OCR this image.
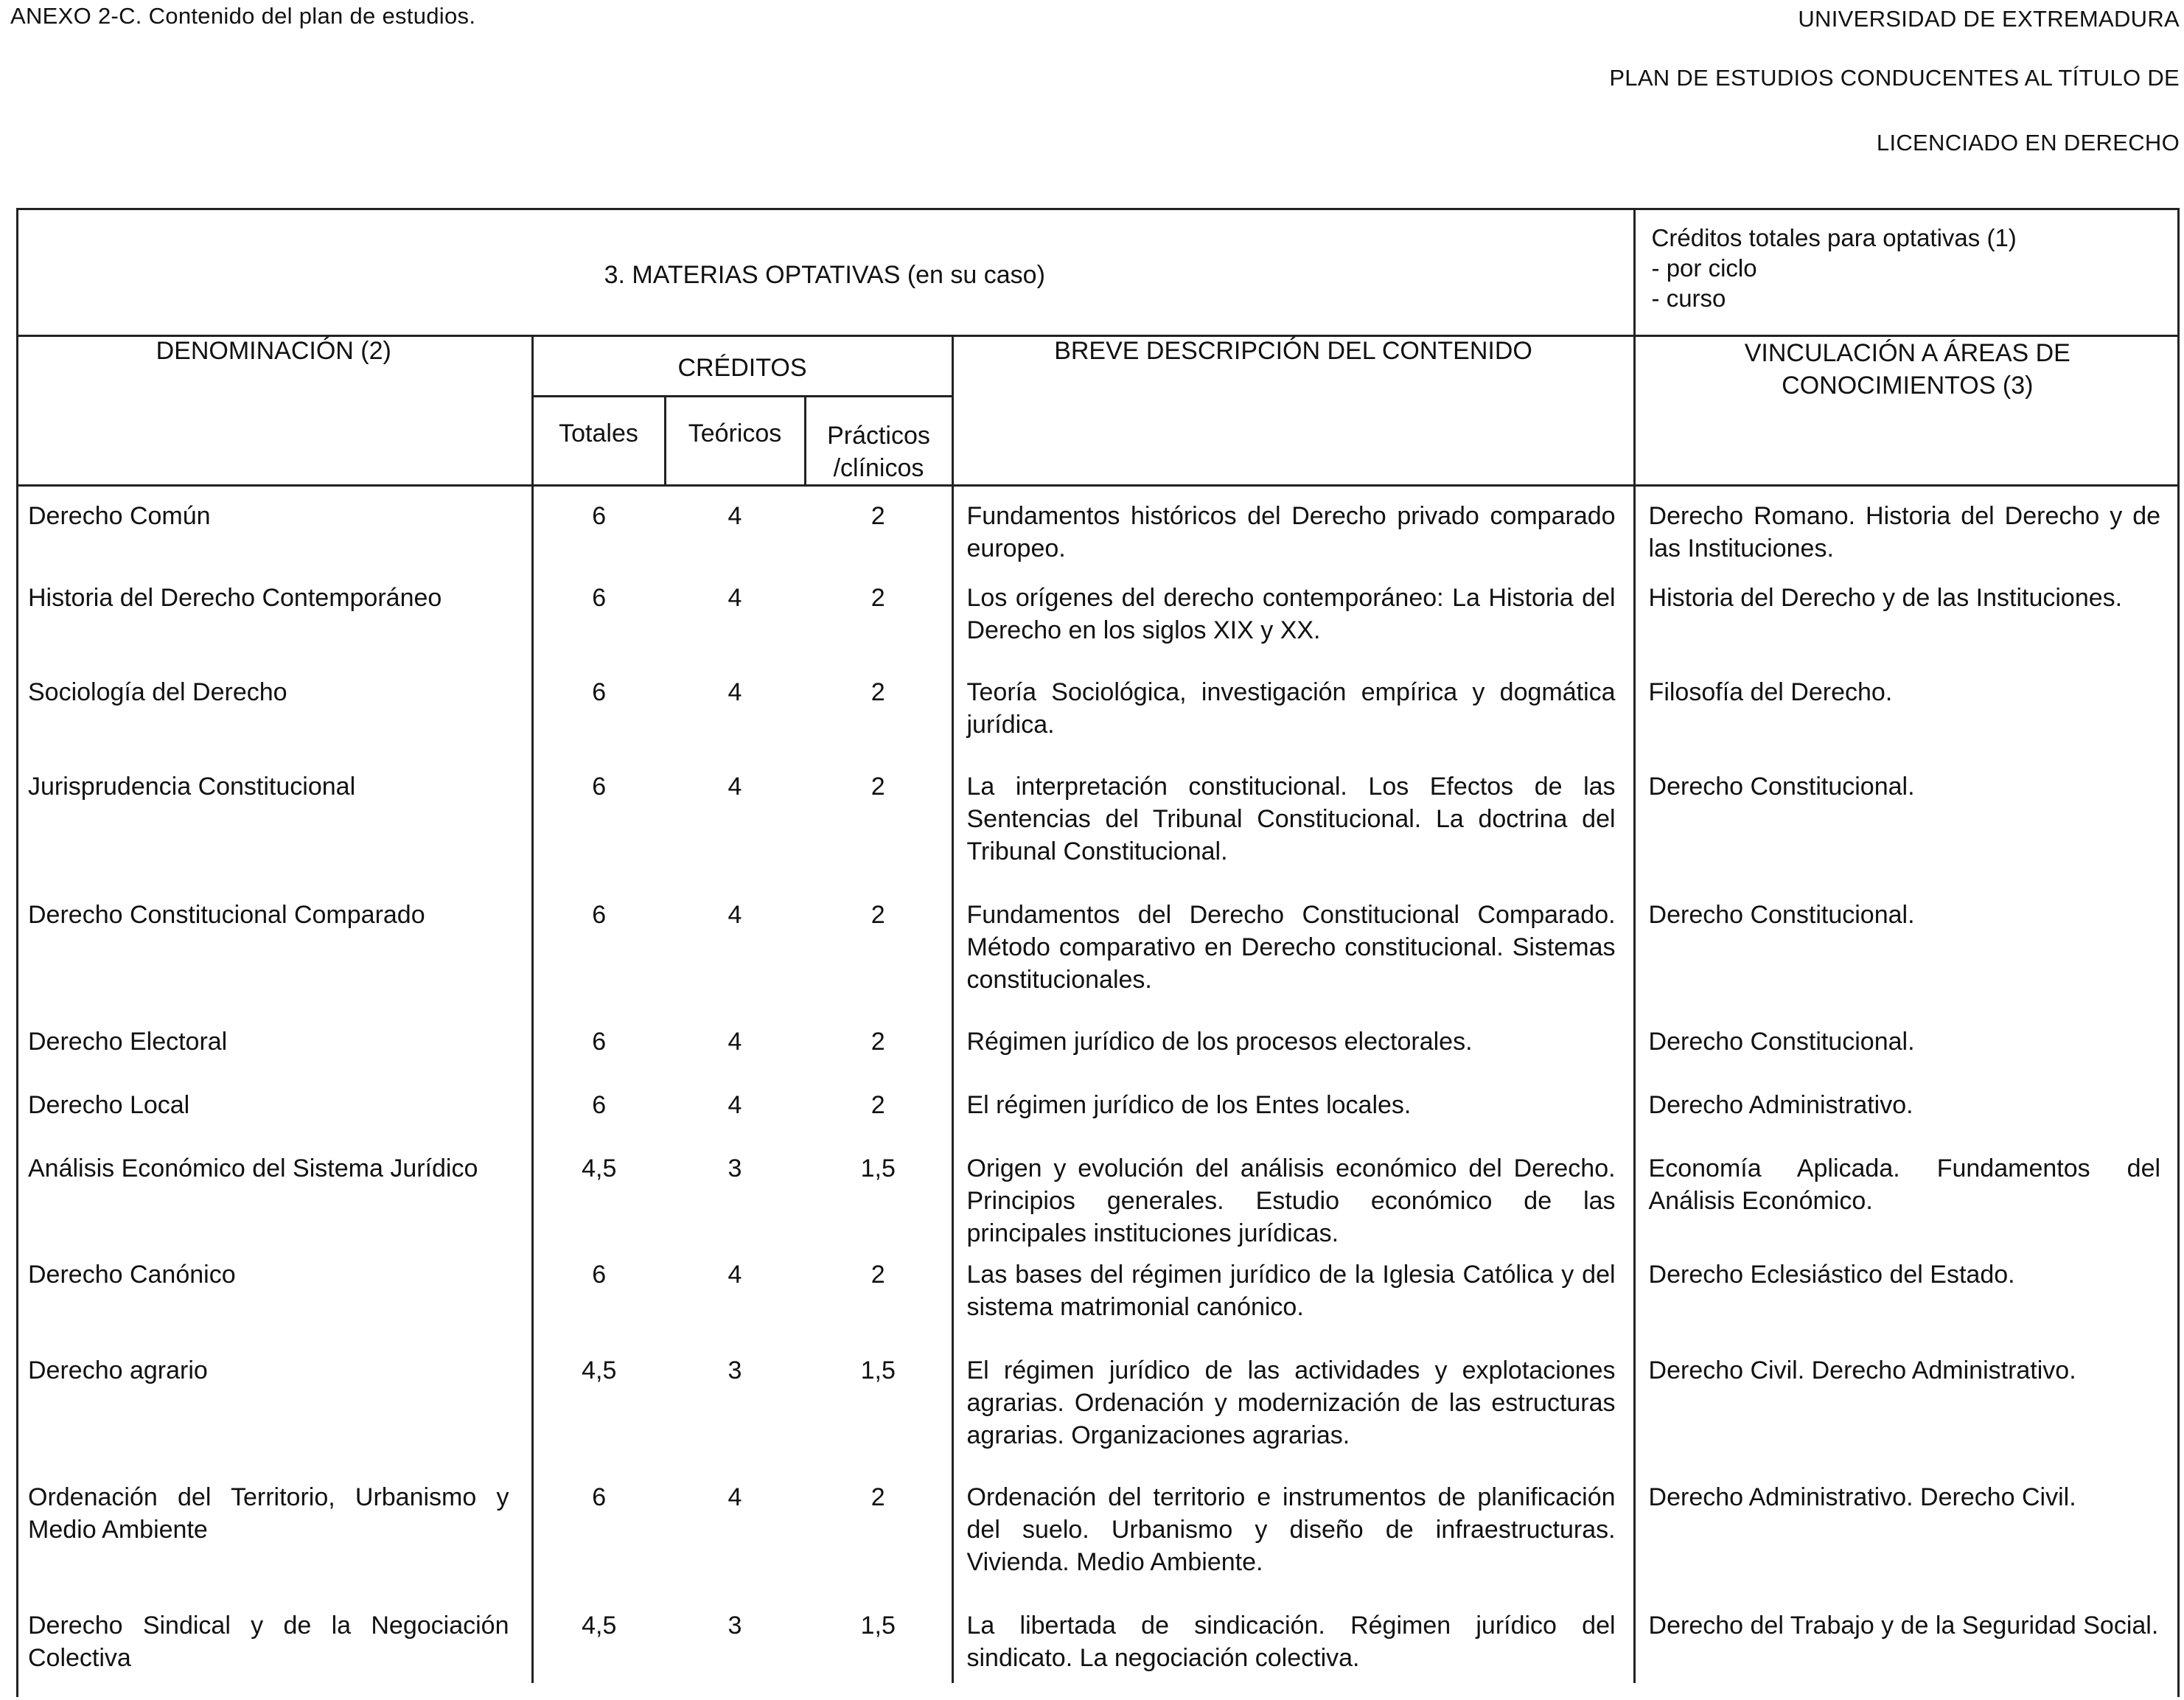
ANEXO 2-C. Contenido del plan de estudios.	UNIVERSIDAD DE EXTREMADURA
PLAN DE ESTUDIOS CONDUCENTES AL TÍTULO DE
LICENCIADO EN DERECHO
3. MATERIAS OPTATIVAS (en su caso)					Créditos totales para optativas (1)
- por ciclo
- curso

DENOMINACIÓN (2)	CRÉDITOS			BREVE DESCRIPCIÓN DEL CONTENIDO	VINCULACIÓN A ÁREAS DE
CONOCIMIENTOS (3)

	Totales	Teóricos	Prácticos
/clínicos		

Derecho Común	6	4	2	Fundamentos históricos del Derecho privado comparado europeo.	Derecho Romano. Historia del Derecho y de las Instituciones.
Historia del Derecho Contemporáneo	6	4	2	Los orígenes del derecho contemporáneo: La Historia del Derecho en los siglos XIX y XX.	Historia del Derecho y de las Instituciones.
Sociología del Derecho	6	4	2	Teoría Sociológica, investigación empírica y dogmática jurídica.	Filosofía del Derecho.
Jurisprudencia Constitucional	6	4	2	La interpretación constitucional. Los Efectos de las Sentencias del Tribunal Constitucional. La doctrina del Tribunal Constitucional.	Derecho Constitucional.
Derecho Constitucional Comparado	6	4	2	Fundamentos del Derecho Constitucional Comparado. Método comparativo en Derecho constitucional. Sistemas constitucionales.	Derecho Constitucional.
Derecho Electoral	6	4	2	Régimen jurídico de los procesos electorales.	Derecho Constitucional.
Derecho Local	6	4	2	El régimen jurídico de los Entes locales.	Derecho Administrativo.
Análisis Económico del Sistema Jurídico	4,5	3	1,5	Origen y evolución del análisis económico del Derecho. Principios generales. Estudio económico de las principales instituciones jurídicas.	Economía Aplicada. Fundamentos del Análisis Económico.
Derecho Canónico	6	4	2	Las bases del régimen jurídico de la Iglesia Católica y del sistema matrimonial canónico.	Derecho Eclesiástico del Estado.
Derecho agrario	4,5	3	1,5	El régimen jurídico de las actividades y explotaciones agrarias. Ordenación y modernización de las estructuras agrarias. Organizaciones agrarias.	Derecho Civil. Derecho Administrativo.
Ordenación del Territorio, Urbanismo y Medio Ambiente	6	4	2	Ordenación del territorio e instrumentos de planificación del suelo. Urbanismo y diseño de infraestructuras. Vivienda. Medio Ambiente.	Derecho Administrativo. Derecho Civil.
Derecho Sindical y de la Negociación Colectiva	4,5	3	1,5	La libertada de sindicación. Régimen jurídico del sindicato. La negociación colectiva.	Derecho del Trabajo y de la Seguridad Social.
